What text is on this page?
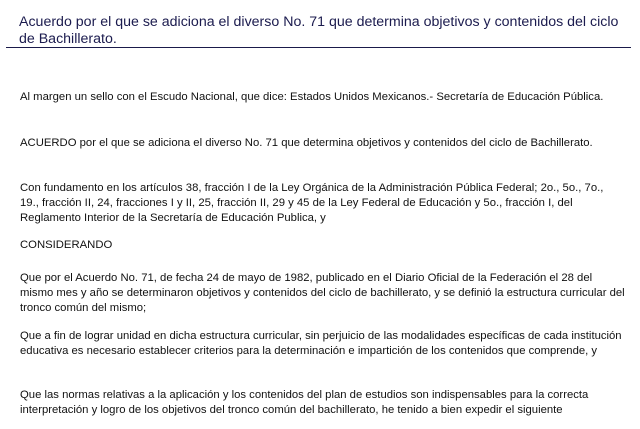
Acuerdo por el que se adiciona el diverso No. 71 que determina objetivos y contenidos del ciclo de Bachillerato.
Al margen un sello con el Escudo Nacional, que dice: Estados Unidos Mexicanos.- Secretaría de Educación Pública.
ACUERDO por el que se adiciona el diverso No. 71 que determina objetivos y contenidos del ciclo de Bachillerato.
Con fundamento en los artículos 38, fracción I de la Ley Orgánica de la Administración Pública Federal; 2o., 5o., 7o., 19., fracción II, 24, fracciones I y II, 25, fracción II, 29 y 45 de la Ley Federal de Educación y 5o., fracción I, del Reglamento Interior de la Secretaría de Educación Publica, y
CONSIDERANDO
Que por el Acuerdo No. 71, de fecha 24 de mayo de 1982, publicado en el Diario Oficial de la Federación el 28 del mismo mes y año se determinaron objetivos y contenidos del ciclo de bachillerato, y se definió la estructura curricular del tronco común del mismo;
Que a fin de lograr unidad en dicha estructura curricular, sin perjuicio de las modalidades específicas de cada institución educativa es necesario establecer criterios para la determinación e impartición de los contenidos que comprende, y
Que las normas relativas a la aplicación y los contenidos del plan de estudios son indispensables para la correcta interpretación y logro de los objetivos del tronco común del bachillerato, he tenido a bien expedir el siguiente
